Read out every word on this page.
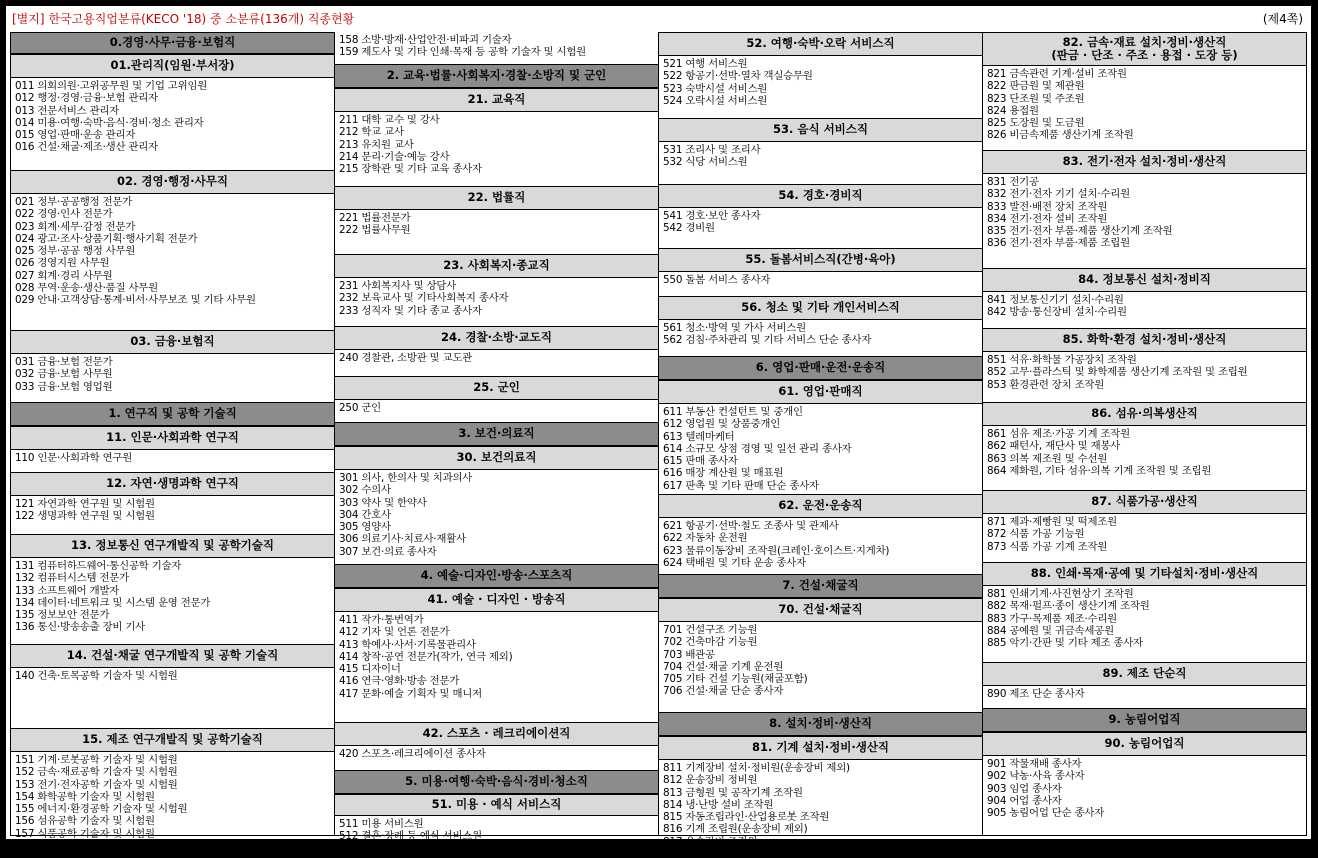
[별지] 한국고용직업분류(KECO '18) 중 소분류(136개) 직종현황	(제4쪽)
0.경영·사무·금융·보험직
01.관리직(임원·부서장)
011 의회의원·고위공무원 및 기업 고위임원
012 행정·경영·금융·보험 관리자
013 전문서비스 관리자
014 미용·여행·숙박·음식·경비·청소 관리자
015 영업·판매·운송 관리자
016 건설·채굴·제조·생산 관리자
02. 경영·행정·사무직
021 정부·공공행정 전문가
022 경영·인사 전문가
023 회계·세무·감정 전문가
024 광고·조사·상품기획·행사기획 전문가
025 정부·공공 행정 사무원
026 경영지원 사무원
027 회계·경리 사무원
028 무역·운송·생산·품질 사무원
029 안내·고객상담·통계·비서·사무보조 및 기타 사무원
03. 금융·보험직
031 금융·보험 전문가
032 금융·보험 사무원
033 금융·보험 영업원
1. 연구직 및 공학 기술직
11. 인문·사회과학 연구직
110 인문·사회과학 연구원
12. 자연·생명과학 연구직
121 자연과학 연구원 및 시험원
122 생명과학 연구원 및 시험원
13. 정보통신 연구개발직 및 공학기술직
131 컴퓨터하드웨어·통신공학 기술자
132 컴퓨터시스템 전문가
133 소프트웨어 개발자
134 데이터·네트워크 및 시스템 운영 전문가
135 정보보안 전문가
136 통신·방송송출 장비 기사
14. 건설·채굴 연구개발직 및 공학 기술직
140 건축·토목공학 기술자 및 시험원
15. 제조 연구개발직 및 공학기술직
151 기계·로봇공학 기술자 및 시험원
152 금속·재료공학 기술자 및 시험원
153 전기·전자공학 기술자 및 시험원
154 화학공학 기술자 및 시험원
155 에너지·환경공학 기술자 및 시험원
156 섬유공학 기술자 및 시험원
157 식품공학 기술자 및 시험원
158 소방·방재·산업안전·비파괴 기술자
159 제도사 및 기타 인쇄·목재 등 공학 기술자 및 시험원
2. 교육·법률·사회복지·경찰·소방직 및 군인
21. 교육직
211 대학 교수 및 강사
212 학교 교사
213 유치원 교사
214 문리·기술·예능 강사
215 장학관 및 기타 교육 종사자
22. 법률직
221 법률전문가
222 법률사무원
23. 사회복지·종교직
231 사회복지사 및 상담사
232 보육교사 및 기타사회복지 종사자
233 성직자 및 기타 종교 종사자
24. 경찰·소방·교도직
240 경찰관, 소방관 및 교도관
25. 군인
250 군인
3. 보건·의료직
30. 보건의료직
301 의사, 한의사 및 치과의사
302 수의사
303 약사 및 한약사
304 간호사
305 영양사
306 의료기사·치료사·재활사
307 보건·의료 종사자
4. 예술·디자인·방송·스포츠직
41. 예술 · 디자인 · 방송직
411 작가·통번역가
412 기자 및 언론 전문가
413 학예사·사서·기록물관리사
414 창작·공연 전문가(작가, 연극 제외)
415 디자이너
416 연극·영화·방송 전문가
417 문화·예술 기획자 및 매니저
42. 스포츠 · 레크리에이션직
420 스포츠·레크리에이션 종사자
5. 미용·여행·숙박·음식·경비·청소직
51. 미용 · 예식 서비스직
511 미용 서비스원
512 결혼·장례 등 예식 서비스원
52. 여행·숙박·오락 서비스직
521 여행 서비스원
522 항공기·선박·열차 객실승무원
523 숙박시설 서비스원
524 오락시설 서비스원
53. 음식 서비스직
531 조리사 및 조리사
532 식당 서비스원
54. 경호·경비직
541 경호·보안 종사자
542 경비원
55. 돌봄서비스직(간병·육아)
550 돌봄 서비스 종사자
56. 청소 및 기타 개인서비스직
561 청소·방역 및 가사 서비스원
562 검침·주차관리 및 기타 서비스 단순 종사자
6. 영업·판매·운전·운송직
61. 영업·판매직
611 부동산 컨설턴트 및 중개인
612 영업원 및 상품중개인
613 텔레마케터
614 소규모 상점 경영 및 일선 관리 종사자
615 판매 종사자
616 매장 계산원 및 매표원
617 판촉 및 기타 판매 단순 종사자
62. 운전·운송직
621 항공기·선박·철도 조종사 및 관제사
622 자동차 운전원
623 물류이동장비 조작원(크레인·호이스트·지게차)
624 택배원 및 기타 운송 종사자
7. 건설·채굴직
70. 건설·채굴직
701 건설구조 기능원
702 건축마감 기능원
703 배관공
704 건설·채굴 기계 운전원
705 기타 건설 기능원(채굴포함)
706 건설·채굴 단순 종사자
8. 설치·정비·생산직
81. 기계 설치·정비·생산직
811 기계장비 설치·정비원(운송장비 제외)
812 운송장비 정비원
813 금형원 및 공작기계 조작원
814 냉·난방 설비 조작원
815 자동조립라인·산업용로봇 조작원
816 기계 조립원(운송장비 제외)
817 운송장비 조립원
82. 금속·재료 설치·정비·생산직
(판금 · 단조 · 주조 · 용접 · 도장 등)
821 금속관련 기계·설비 조작원
822 판금원 및 제관원
823 단조원 및 주조원
824 용접원
825 도장원 및 도금원
826 비금속제품 생산기계 조작원
83. 전기·전자 설치·정비·생산직
831 전기공
832 전기·전자 기기 설치·수리원
833 발전·배전 장치 조작원
834 전기·전자 설비 조작원
835 전기·전자 부품·제품 생산기계 조작원
836 전기·전자 부품·제품 조립원
84. 정보통신 설치·정비직
841 정보통신기기 설치·수리원
842 방송·통신장비 설치·수리원
85. 화학·환경 설치·정비·생산직
851 석유·화학물 가공장치 조작원
852 고무·플라스틱 및 화학제품 생산기계 조작원 및 조립원
853 환경관련 장치 조작원
86. 섬유·의복생산직
861 섬유 제조·가공 기계 조작원
862 패턴사, 재단사 및 재봉사
863 의복 제조원 및 수선원
864 제화원, 기타 섬유·의복 기계 조작원 및 조립원
87. 식품가공·생산직
871 제과·제빵원 및 떡제조원
872 식품 가공 기능원
873 식품 가공 기계 조작원
88. 인쇄·목재·공예 및 기타설치·정비·생산직
881 인쇄기계·사진현상기 조작원
882 목재·펄프·종이 생산기계 조작원
883 가구·목제품 제조·수리원
884 공예원 및 귀금속세공원
885 악기·간판 및 기타 제조 종사자
89. 제조 단순직
890 제조 단순 종사자
9. 농림어업직
90. 농림어업직
901 작물재배 종사자
902 낙농·사육 종사자
903 임업 종사자
904 어업 종사자
905 농림어업 단순 종사자
